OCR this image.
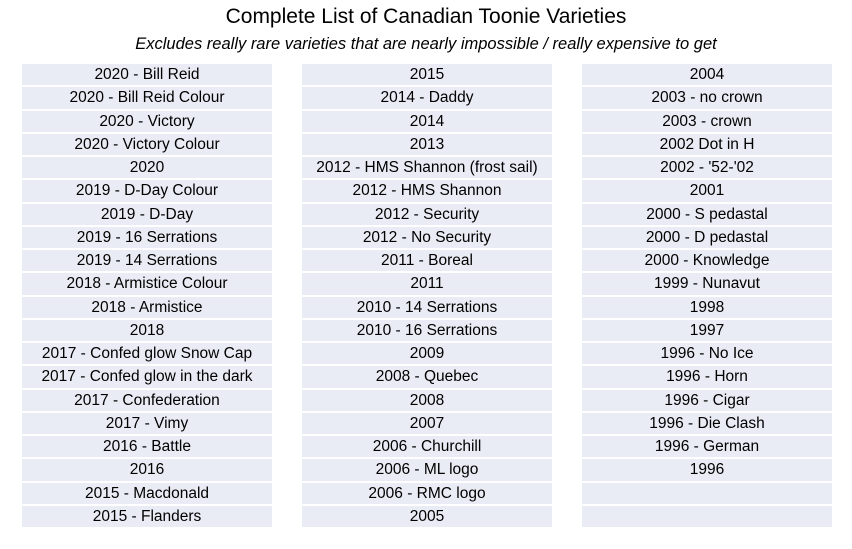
Complete List of Canadian Toonie Varieties
Excludes really rare varieties that are nearly impossible / really expensive to get
2020 - Bill Reid
2020 - Bill Reid Colour
2020 - Victory
2020 - Victory Colour
2020
2019 - D-Day Colour
2019 - D-Day
2019 - 16 Serrations
2019 - 14 Serrations
2018 - Armistice Colour
2018 - Armistice
2018
2017 - Confed glow Snow Cap
2017 - Confed glow in the dark
2017 - Confederation
2017 - Vimy
2016 - Battle
2016
2015 - Macdonald
2015 - Flanders
2015
2014 - Daddy
2014
2013
2012 - HMS Shannon (frost sail)
2012 - HMS Shannon
2012 - Security
2012 - No Security
2011 - Boreal
2011
2010 - 14 Serrations
2010 - 16 Serrations
2009
2008 - Quebec
2008
2007
2006 - Churchill
2006 - ML logo
2006 - RMC logo
2005
2004
2003 - no crown
2003 - crown
2002 Dot in H
2002 - '52-'02
2001
2000 - S pedastal
2000 - D pedastal
2000 - Knowledge
1999 - Nunavut
1998
1997
1996 - No Ice
1996 - Horn
1996 - Cigar
1996 - Die Clash
1996 - German
1996
